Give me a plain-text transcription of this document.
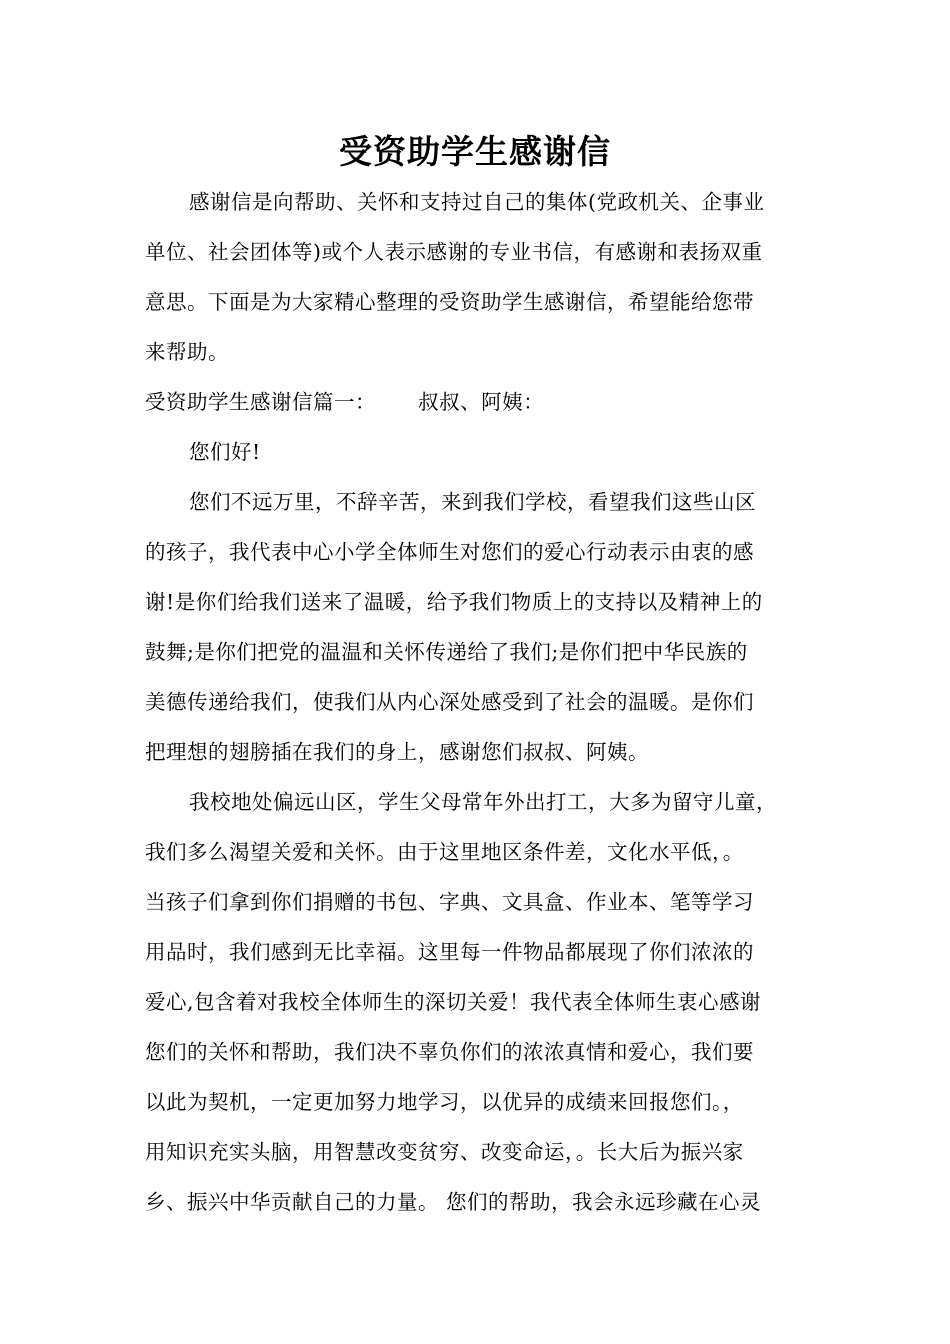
受资助学生感谢信
感谢信是向帮助、关怀和支持过自己的集体(党政机关、企事业
单位、社会团体等)或个人表示感谢的专业书信，有感谢和表扬双重
意思。下面是为大家精心整理的受资助学生感谢信，希望能给您带
来帮助。
受资助学生感谢信篇一：      叔叔、阿姨：
您们好!
您们不远万里，不辞辛苦，来到我们学校，看望我们这些山区
的孩子，我代表中心小学全体师生对您们的爱心行动表示由衷的感
谢!是你们给我们送来了温暖，给予我们物质上的支持以及精神上的
鼓舞;是你们把党的温温和关怀传递给了我们;是你们把中华民族的
美德传递给我们，使我们从内心深处感受到了社会的温暖。是你们
把理想的翅膀插在我们的身上，感谢您们叔叔、阿姨。
我校地处偏远山区，学生父母常年外出打工，大多为留守儿童，
我们多么渴望关爱和关怀。由于这里地区条件差，文化水平低，。
当孩子们拿到你们捐赠的书包、字典、文具盒、作业本、笔等学习
用品时，我们感到无比幸福。这里每一件物品都展现了你们浓浓的
爱心,包含着对我校全体师生的深切关爱！我代表全体师生衷心感谢
您们的关怀和帮助，我们决不辜负你们的浓浓真情和爱心，我们要
以此为契机，一定更加努力地学习，以优异的成绩来回报您们。，
用知识充实头脑，用智慧改变贫穷、改变命运，。长大后为振兴家
乡、振兴中华贡献自己的力量。 您们的帮助，我会永远珍藏在心灵
